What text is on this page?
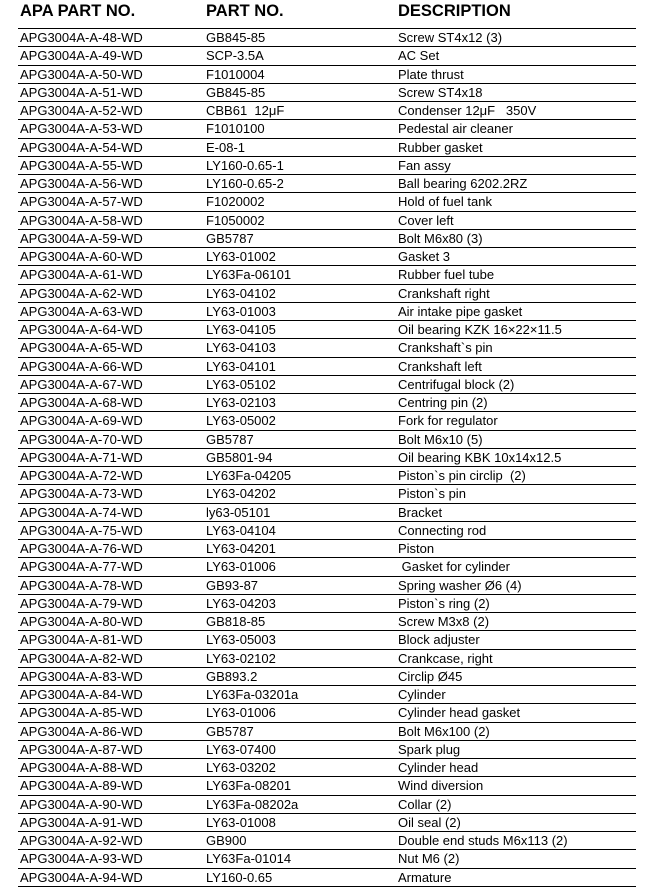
APA PART NO.	PART NO.	DESCRIPTION
APG3004A-A-48-WD	GB845-85	Screw ST4x12 (3)
APG3004A-A-49-WD	SCP-3.5A	AC Set
APG3004A-A-50-WD	F1010004	Plate thrust
APG3004A-A-51-WD	GB845-85	Screw ST4x18
APG3004A-A-52-WD	CBB61  12μF	Condenser 12μF   350V
APG3004A-A-53-WD	F1010100	Pedestal air cleaner
APG3004A-A-54-WD	E-08-1	Rubber gasket
APG3004A-A-55-WD	LY160-0.65-1	Fan assy
APG3004A-A-56-WD	LY160-0.65-2	Ball bearing 6202.2RZ
APG3004A-A-57-WD	F1020002	Hold of fuel tank
APG3004A-A-58-WD	F1050002	Cover left
APG3004A-A-59-WD	GB5787	Bolt M6x80 (3)
APG3004A-A-60-WD	LY63-01002	Gasket 3
APG3004A-A-61-WD	LY63Fa-06101	Rubber fuel tube
APG3004A-A-62-WD	LY63-04102	Crankshaft right
APG3004A-A-63-WD	LY63-01003	Air intake pipe gasket
APG3004A-A-64-WD	LY63-04105	Oil bearing KZK 16×22×11.5
APG3004A-A-65-WD	LY63-04103	Crankshaft`s pin
APG3004A-A-66-WD	LY63-04101	Crankshaft left
APG3004A-A-67-WD	LY63-05102	Centrifugal block (2)
APG3004A-A-68-WD	LY63-02103	Centring pin (2)
APG3004A-A-69-WD	LY63-05002	Fork for regulator
APG3004A-A-70-WD	GB5787	Bolt M6x10 (5)
APG3004A-A-71-WD	GB5801-94	Oil bearing KBK 10x14x12.5
APG3004A-A-72-WD	LY63Fa-04205	Piston`s pin circlip  (2)
APG3004A-A-73-WD	LY63-04202	Piston`s pin
APG3004A-A-74-WD	ly63-05101	Bracket
APG3004A-A-75-WD	LY63-04104	Connecting rod
APG3004A-A-76-WD	LY63-04201	Piston
APG3004A-A-77-WD	LY63-01006	Gasket for cylinder
APG3004A-A-78-WD	GB93-87	Spring washer Ø6 (4)
APG3004A-A-79-WD	LY63-04203	Piston`s ring (2)
APG3004A-A-80-WD	GB818-85	Screw M3x8 (2)
APG3004A-A-81-WD	LY63-05003	Block adjuster
APG3004A-A-82-WD	LY63-02102	Crankcase, right
APG3004A-A-83-WD	GB893.2	Circlip Ø45
APG3004A-A-84-WD	LY63Fa-03201a	Cylinder
APG3004A-A-85-WD	LY63-01006	Cylinder head gasket
APG3004A-A-86-WD	GB5787	Bolt M6x100 (2)
APG3004A-A-87-WD	LY63-07400	Spark plug
APG3004A-A-88-WD	LY63-03202	Cylinder head
APG3004A-A-89-WD	LY63Fa-08201	Wind diversion
APG3004A-A-90-WD	LY63Fa-08202a	Collar (2)
APG3004A-A-91-WD	LY63-01008	Oil seal (2)
APG3004A-A-92-WD	GB900	Double end studs M6x113 (2)
APG3004A-A-93-WD	LY63Fa-01014	Nut M6 (2)
APG3004A-A-94-WD	LY160-0.65	Armature
